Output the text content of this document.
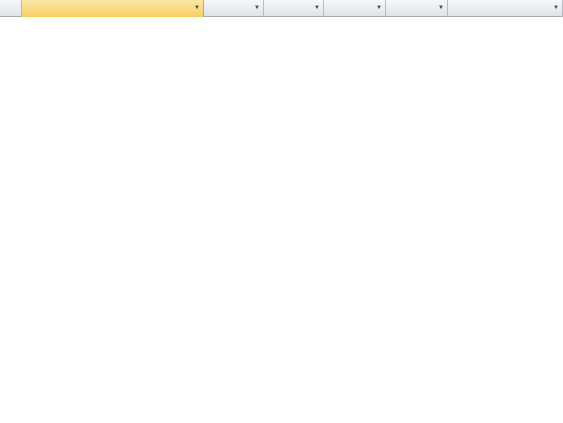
▼	▼	▼	▼	▼	▼
